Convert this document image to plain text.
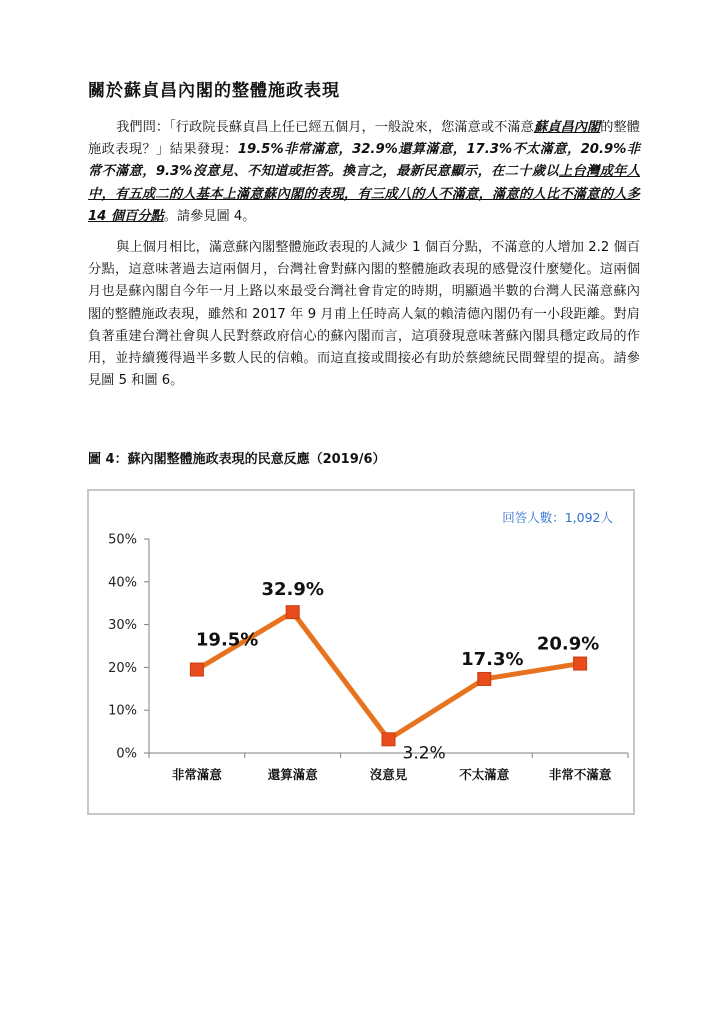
關於蘇貞昌內閣的整體施政表現
我們問：「行政院長蘇貞昌上任已經五個月，一般說來，您滿意或不滿意蘇貞昌內閣的整體施政表現？」結果發現：19.5%非常滿意，32.9%還算滿意，17.3%不太滿意，20.9%非常不滿意，9.3%沒意見、不知道或拒答。換言之，最新民意顯示，在二十歲以上台灣成年人中，有五成二的人基本上滿意蘇內閣的表現，有三成八的人不滿意，滿意的人比不滿意的人多14 個百分點。請參見圖 4。
與上個月相比，滿意蘇內閣整體施政表現的人減少 1 個百分點，不滿意的人增加 2.2 個百分點，這意味著過去這兩個月，台灣社會對蘇內閣的整體施政表現的感覺沒什麼變化。這兩個月也是蘇內閣自今年一月上路以來最受台灣社會肯定的時期，明顯過半數的台灣人民滿意蘇內閣的整體施政表現，雖然和 2017 年 9 月甫上任時高人氣的賴清德內閣仍有一小段距離。對肩負著重建台灣社會與人民對蔡政府信心的蘇內閣而言，這項發現意味著蘇內閣具穩定政局的作用，並持續獲得過半多數人民的信賴。而這直接或間接必有助於蔡總統民間聲望的提高。請參見圖 5 和圖 6。
圖 4：蘇內閣整體施政表現的民意反應（2019/6）
回答人數：1,092人
0%
10%
20%
30%
40%
50%
非常滿意	還算滿意	沒意見	不太滿意	非常不滿意
19.5%
32.9%
3.2%
17.3%
20.9%
